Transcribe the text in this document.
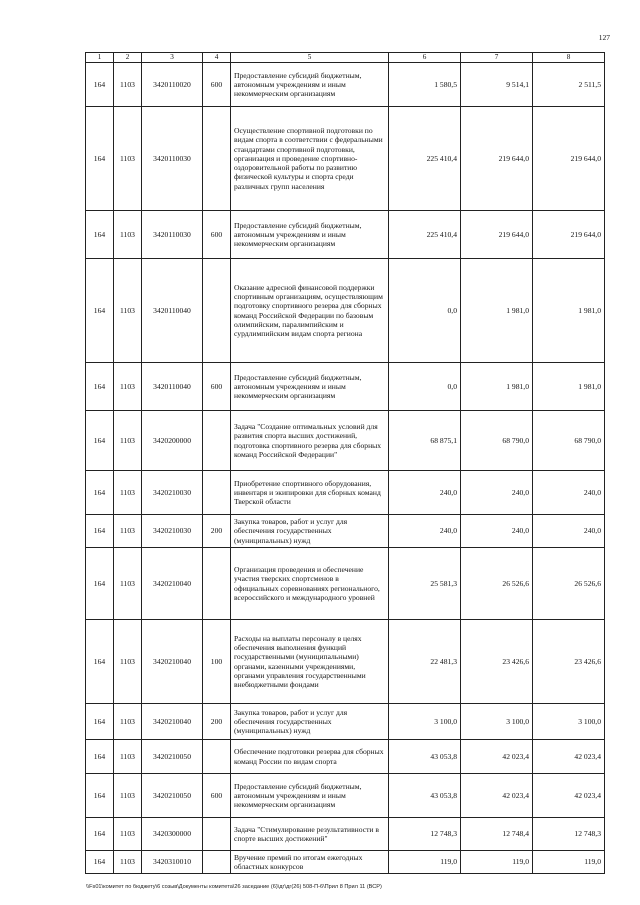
127
1	2	3	4	5	6	7	8
164	1103	3420110020	600	Предоставление субсидий бюджетным, автономным учреждениям и иным некоммерческим организациям	1 580,5	9 514,1	2 511,5
164	1103	3420110030		Осуществление спортивной подготовки по видам спорта в соответствии с федеральными стандартами спортивной подготовки, организация и проведение спортивно-оздоровительной работы по развитию физической культуры и спорта среди различных групп населения	225 410,4	219 644,0	219 644,0
164	1103	3420110030	600	Предоставление субсидий бюджетным, автономным учреждениям и иным некоммерческим организациям	225 410,4	219 644,0	219 644,0
164	1103	3420110040		Оказание адресной финансовой поддержки спортивным организациям, осуществляющим подготовку спортивного резерва для сборных команд Российской Федерации по базовым олимпийским, паралимпийским и сурдлимпийским видам спорта региона	0,0	1 981,0	1 981,0
164	1103	3420110040	600	Предоставление субсидий бюджетным, автономным учреждениям и иным некоммерческим организациям	0,0	1 981,0	1 981,0
164	1103	3420200000		Задача "Создание оптимальных условий для развития спорта высших достижений, подготовка спортивного резерва для сборных команд Российской Федерации"	68 875,1	68 790,0	68 790,0
164	1103	3420210030		Приобретение спортивного оборудования, инвентаря и экипировки для сборных команд Тверской области	240,0	240,0	240,0
164	1103	3420210030	200	Закупка товаров, работ и услуг для обеспечения государственных (муниципальных) нужд	240,0	240,0	240,0
164	1103	3420210040		Организация проведения и обеспечение участия тверских спортсменов в официальных соревнованиях регионального, всероссийского и международного уровней	25 581,3	26 526,6	26 526,6
164	1103	3420210040	100	Расходы на выплаты персоналу в целях обеспечения выполнения функций государственными (муниципальными) органами, казенными учреждениями, органами управления государственными внебюджетными фондами	22 481,3	23 426,6	23 426,6
164	1103	3420210040	200	Закупка товаров, работ и услуг для обеспечения государственных (муниципальных) нужд	3 100,0	3 100,0	3 100,0
164	1103	3420210050		Обеспечение подготовки резерва для сборных команд России по видам спорта	43 053,8	42 023,4	42 023,4
164	1103	3420210050	600	Предоставление субсидий бюджетным, автономным учреждениям и иным некоммерческим организациям	43 053,8	42 023,4	42 023,4
164	1103	3420300000		Задача "Стимулирование результативности в спорте высших достижений"	12 748,3	12 748,4	12 748,3
164	1103	3420310010		Вручение премий по итогам ежегодных областных конкурсов	119,0	119,0	119,0
\\Fs01\комитет по бюджету\6 созыв\Документы комитета\26 заседание (6)\дг\дг(26) 508-П-6\Прил 8 Прил 11 (ВСР)
